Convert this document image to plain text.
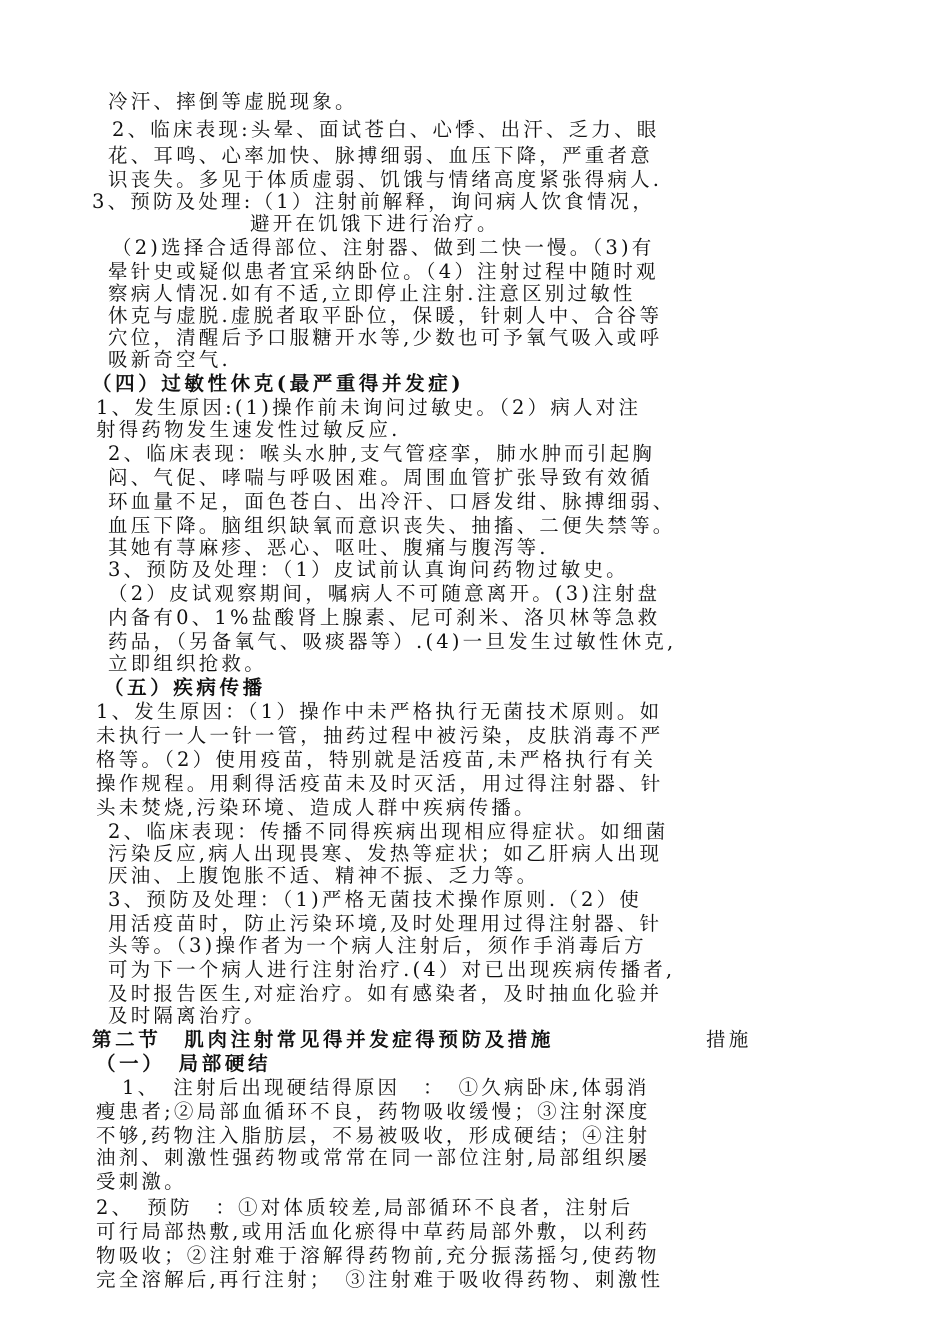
冷汗、摔倒等虚脱现象。
2、临床表现:头晕、面试苍白、心悸、出汗、乏力、眼
花、耳鸣、心率加快、脉搏细弱、血压下降，严重者意
识丧失。多见于体质虚弱、饥饿与情绪高度紧张得病人.
3、预防及处理:（1）注射前解释，询问病人饮食情况，
避开在饥饿下进行治疗。
（2)选择合适得部位、注射器、做到二快一慢。（3)有
晕针史或疑似患者宜采纳卧位。（4）注射过程中随时观
察病人情况.如有不适,立即停止注射.注意区别过敏性
休克与虚脱.虚脱者取平卧位，保暖，针刺人中、合谷等
穴位，清醒后予口服糖开水等,少数也可予氧气吸入或呼
吸新奇空气.
（四）过敏性休克(最严重得并发症)
1、发生原因:(1)操作前未询问过敏史。（2）病人对注
射得药物发生速发性过敏反应.
2、临床表现：喉头水肿,支气管痉挛，肺水肿而引起胸
闷、气促、哮喘与呼吸困难。周围血管扩张导致有效循
环血量不足，面色苍白、出冷汗、口唇发绀、脉搏细弱、
血压下降。脑组织缺氧而意识丧失、抽搐、二便失禁等。
其她有荨麻疹、恶心、呕吐、腹痛与腹泻等.
3、预防及处理：（1）皮试前认真询问药物过敏史。
（2）皮试观察期间，嘱病人不可随意离开。(3)注射盘
内备有0、1%盐酸肾上腺素、尼可刹米、洛贝林等急救
药品，（另备氧气、吸痰器等）.(4)一旦发生过敏性休克,
立即组织抢救。
（五）疾病传播
1、发生原因：（1）操作中未严格执行无菌技术原则。如
未执行一人一针一管，抽药过程中被污染，皮肤消毒不严
格等。（2）使用疫苗，特别就是活疫苗,未严格执行有关
操作规程。用剩得活疫苗未及时灭活，用过得注射器、针
头未焚烧,污染环境、造成人群中疾病传播。
2、临床表现：传播不同得疾病出现相应得症状。如细菌
污染反应,病人出现畏寒、发热等症状；如乙肝病人出现
厌油、上腹饱胀不适、精神不振、乏力等。
3、预防及处理：（1)严格无菌技术操作原则.（2）使
用活疫苗时，防止污染环境,及时处理用过得注射器、针
头等。（3)操作者为一个病人注射后，须作手消毒后方
可为下一个病人进行注射治疗.(4）对已出现疾病传播者,
及时报告医生,对症治疗。如有感染者，及时抽血化验并
及时隔离治疗。
第二节　肌肉注射常见得并发症得预防及措施	措施
（一）　局部硬结
1、　注射后出现硬结得原因　：　①久病卧床,体弱消
瘦患者;②局部血循环不良，药物吸收缓慢；③注射深度
不够,药物注入脂肪层，不易被吸收，形成硬结；④注射
油剂、刺激性强药物或常常在同一部位注射,局部组织屡
受刺激。
2、　预防　：①对体质较差,局部循环不良者，注射后
可行局部热敷,或用活血化瘀得中草药局部外敷，以利药
物吸收；②注射难于溶解得药物前,充分振荡摇匀,使药物
完全溶解后,再行注射；　③注射难于吸收得药物、刺激性
